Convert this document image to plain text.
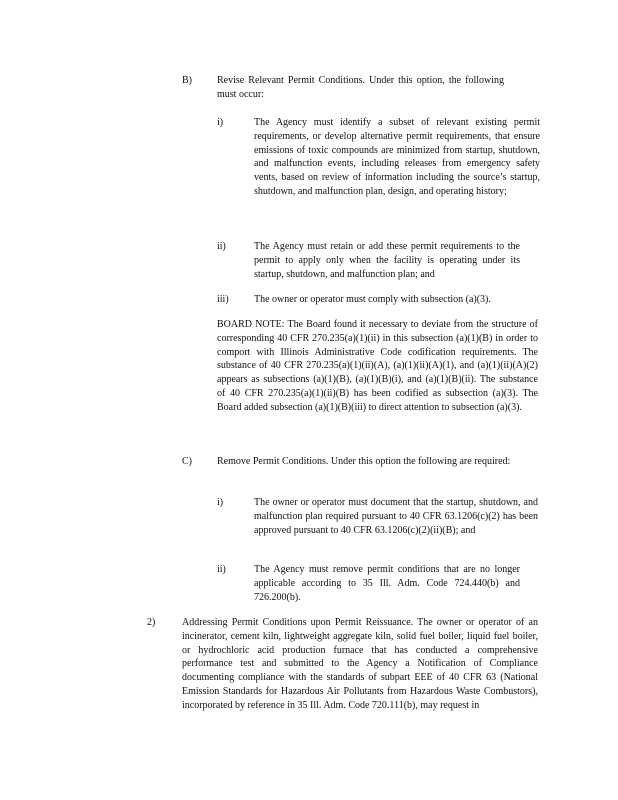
B)	Revise Relevant Permit Conditions. Under this option, the following must occur:
i)	The Agency must identify a subset of relevant existing permit requirements, or develop alternative permit requirements, that ensure emissions of toxic compounds are minimized from startup, shutdown, and malfunction events, including releases from emergency safety vents, based on review of information including the source’s startup, shutdown, and malfunction plan, design, and operating history;
ii)	The Agency must retain or add these permit requirements to the permit to apply only when the facility is operating under its startup, shutdown, and malfunction plan; and
iii)	The owner or operator must comply with subsection (a)(3).
BOARD NOTE: The Board found it necessary to deviate from the structure of corresponding 40 CFR 270.235(a)(1)(ii) in this subsection (a)(1)(B) in order to comport with Illinois Administrative Code codification requirements. The substance of 40 CFR 270.235(a)(1)(ii)(A), (a)(1)(ii)(A)(1), and (a)(1)(ii)(A)(2) appears as subsections (a)(1)(B), (a)(1)(B)(i), and (a)(1)(B)(ii). The substance of 40 CFR 270.235(a)(1)(ii)(B) has been codified as subsection (a)(3). The Board added subsection (a)(1)(B)(iii) to direct attention to subsection (a)(3).
C)	Remove Permit Conditions. Under this option the following are required:
i)	The owner or operator must document that the startup, shutdown, and malfunction plan required pursuant to 40 CFR 63.1206(c)(2) has been approved pursuant to 40 CFR 63.1206(c)(2)(ii)(B); and
ii)	The Agency must remove permit conditions that are no longer applicable according to 35 Ill. Adm. Code 724.440(b) and 726.200(b).
2)	Addressing Permit Conditions upon Permit Reissuance. The owner or operator of an incinerator, cement kiln, lightweight aggregate kiln, solid fuel boiler, liquid fuel boiler, or hydrochloric acid production furnace that has conducted a comprehensive performance test and submitted to the Agency a Notification of Compliance documenting compliance with the standards of subpart EEE of 40 CFR 63 (National Emission Standards for Hazardous Air Pollutants from Hazardous Waste Combustors), incorporated by reference in 35 Ill. Adm. Code 720.111(b), may request in
